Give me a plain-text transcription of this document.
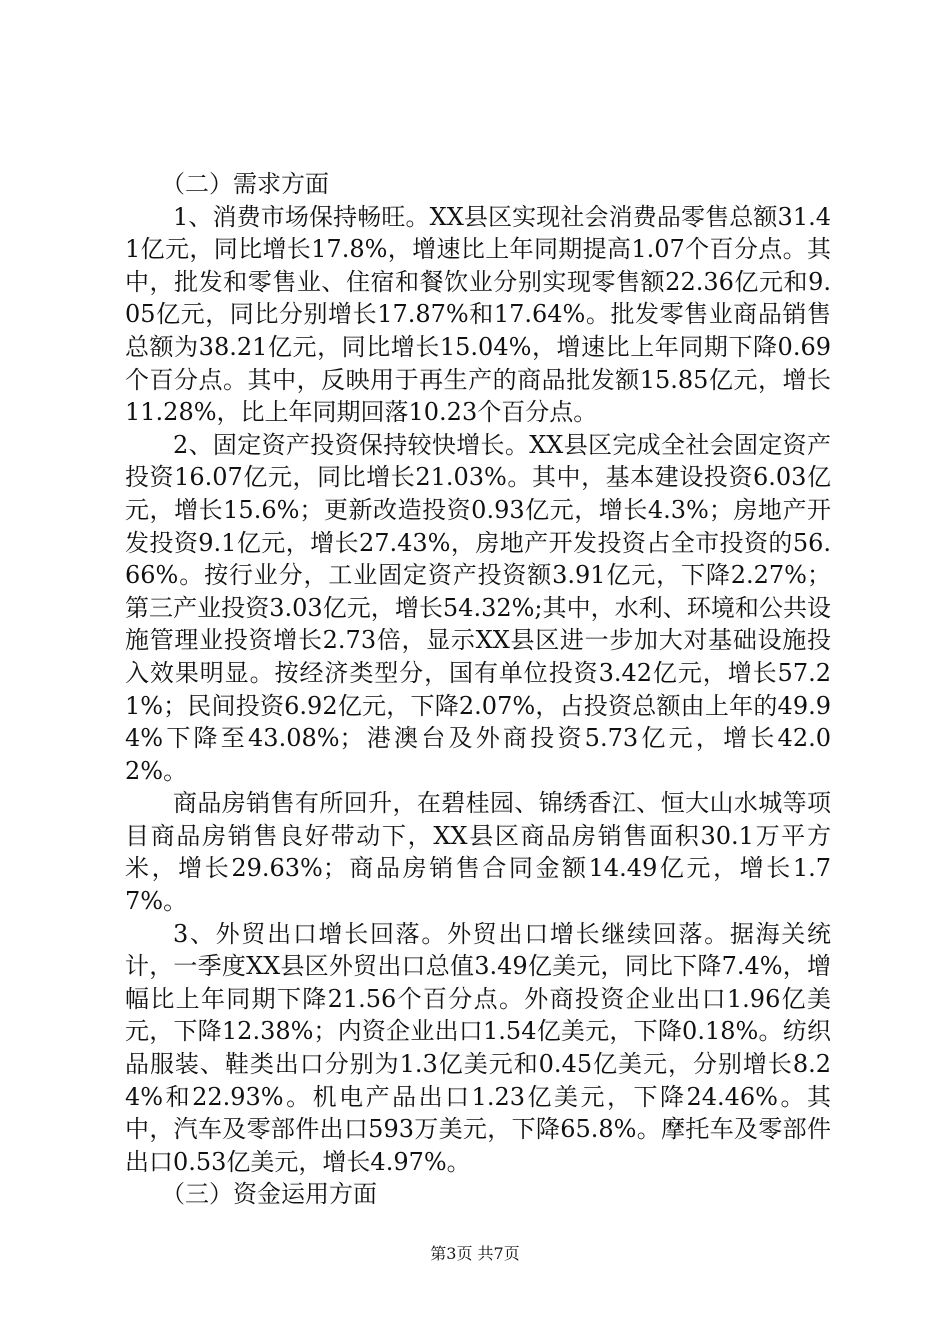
（二）需求方面

1、消费市场保持畅旺。XX县区实现社会消费品零售总额31.41亿元，同比增长17.8%，增速比上年同期提高1.07个百分点。其中，批发和零售业、住宿和餐饮业分别实现零售额22.36亿元和9.05亿元，同比分别增长17.87%和17.64%。批发零售业商品销售总额为38.21亿元，同比增长15.04%，增速比上年同期下降0.69个百分点。其中，反映用于再生产的商品批发额15.85亿元，增长11.28%，比上年同期回落10.23个百分点。

2、固定资产投资保持较快增长。XX县区完成全社会固定资产投资16.07亿元，同比增长21.03%。其中，基本建设投资6.03亿元，增长15.6%；更新改造投资0.93亿元，增长4.3%；房地产开发投资9.1亿元，增长27.43%，房地产开发投资占全市投资的56.66%。按行业分，工业固定资产投资额3.91亿元，下降2.27%；第三产业投资3.03亿元，增长54.32%;其中，水利、环境和公共设施管理业投资增长2.73倍，显示XX县区进一步加大对基础设施投入效果明显。按经济类型分，国有单位投资3.42亿元，增长57.21%；民间投资6.92亿元，下降2.07%，占投资总额由上年的49.94%下降至43.08%；港澳台及外商投资5.73亿元，增长42.02%。

商品房销售有所回升，在碧桂园、锦绣香江、恒大山水城等项目商品房销售良好带动下，XX县区商品房销售面积30.1万平方米，增长29.63%；商品房销售合同金额14.49亿元，增长1.77%。

3、外贸出口增长回落。外贸出口增长继续回落。据海关统计，一季度XX县区外贸出口总值3.49亿美元，同比下降7.4%，增幅比上年同期下降21.56个百分点。外商投资企业出口1.96亿美元，下降12.38%；内资企业出口1.54亿美元，下降0.18%。纺织品服装、鞋类出口分别为1.3亿美元和0.45亿美元，分别增长8.24%和22.93%。机电产品出口1.23亿美元，下降24.46%。其中，汽车及零部件出口593万美元，下降65.8%。摩托车及零部件出口0.53亿美元，增长4.97%。

（三）资金运用方面

第3页 共7页
